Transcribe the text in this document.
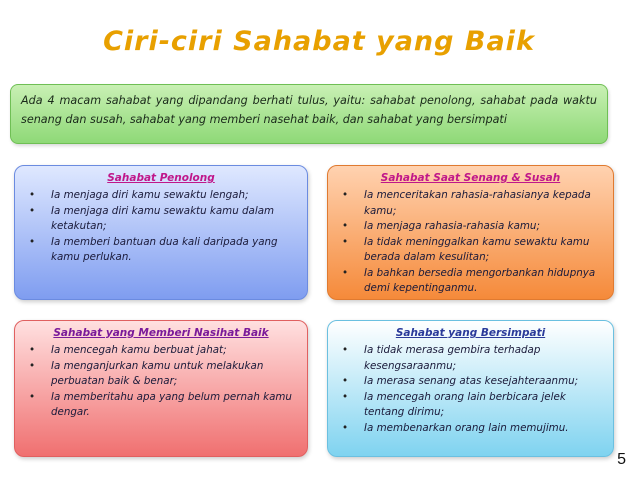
Ciri-ciri Sahabat yang Baik
Ada 4 macam sahabat yang dipandang berhati tulus, yaitu: sahabat penolong, sahabat pada waktu senang dan susah, sahabat yang memberi nasehat baik, dan sahabat yang bersimpati
Sahabat Penolong
• Ia menjaga diri kamu sewaktu lengah;
• Ia menjaga diri kamu sewaktu kamu dalam ketakutan;
• Ia memberi bantuan dua kali daripada yang kamu perlukan.
Sahabat Saat Senang & Susah
• Ia menceritakan rahasia-rahasianya kepada kamu;
• Ia menjaga rahasia-rahasia kamu;
• Ia tidak meninggalkan kamu sewaktu kamu berada dalam kesulitan;
• Ia bahkan bersedia mengorbankan hidupnya demi kepentinganmu.
Sahabat yang Memberi Nasihat Baik
• Ia mencegah kamu berbuat jahat;
• Ia menganjurkan kamu untuk melakukan perbuatan baik & benar;
• Ia memberitahu apa yang belum pernah kamu dengar.
Sahabat yang Bersimpati
• Ia tidak merasa gembira terhadap kesengsaraanmu;
• Ia merasa senang atas kesejahteraanmu;
• Ia mencegah orang lain berbicara jelek tentang dirimu;
• Ia membenarkan orang lain memujimu.
5
